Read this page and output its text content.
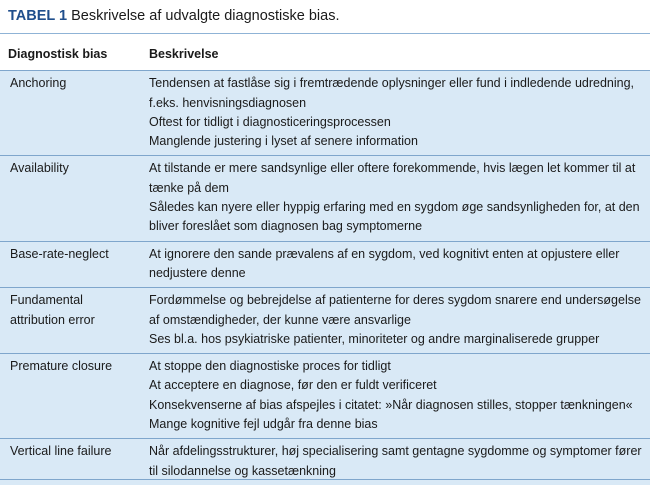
TABEL 1 Beskrivelse af udvalgte diagnostiske bias.
Diagnostisk bias	Beskrivelse
Anchoring	Tendensen at fastlåse sig i fremtrædende oplysninger eller fund i indledende udredning, f.eks. henvisningsdiagnosen
Oftest for tidligt i diagnosticeringsprocessen
Manglende justering i lyset af senere information

Availability	At tilstande er mere sandsynlige eller oftere forekommende, hvis lægen let kommer til at tænke på dem
Således kan nyere eller hyppig erfaring med en sygdom øge sandsynligheden for, at den bliver foreslået som diagnosen bag symptomerne

Base-rate-neglect	At ignorere den sande prævalens af en sygdom, ved kognitivt enten at opjustere eller nedjustere denne

Fundamental attribution error	Fordømmelse og bebrejdelse af patienterne for deres sygdom snarere end undersøgelse af omstændigheder, der kunne være ansvarlige
Ses bl.a. hos psykiatriske patienter, minoriteter og andre marginaliserede grupper

Premature closure	At stoppe den diagnostiske proces for tidligt
At acceptere en diagnose, før den er fuldt verificeret
Konsekvenserne af bias afspejles i citatet: »Når diagnosen stilles, stopper tænkningen«
Mange kognitive fejl udgår fra denne bias

Vertical line failure	Når afdelingsstrukturer, høj specialisering samt gentagne sygdomme og symptomer fører til silodannelse og kassetænkning
